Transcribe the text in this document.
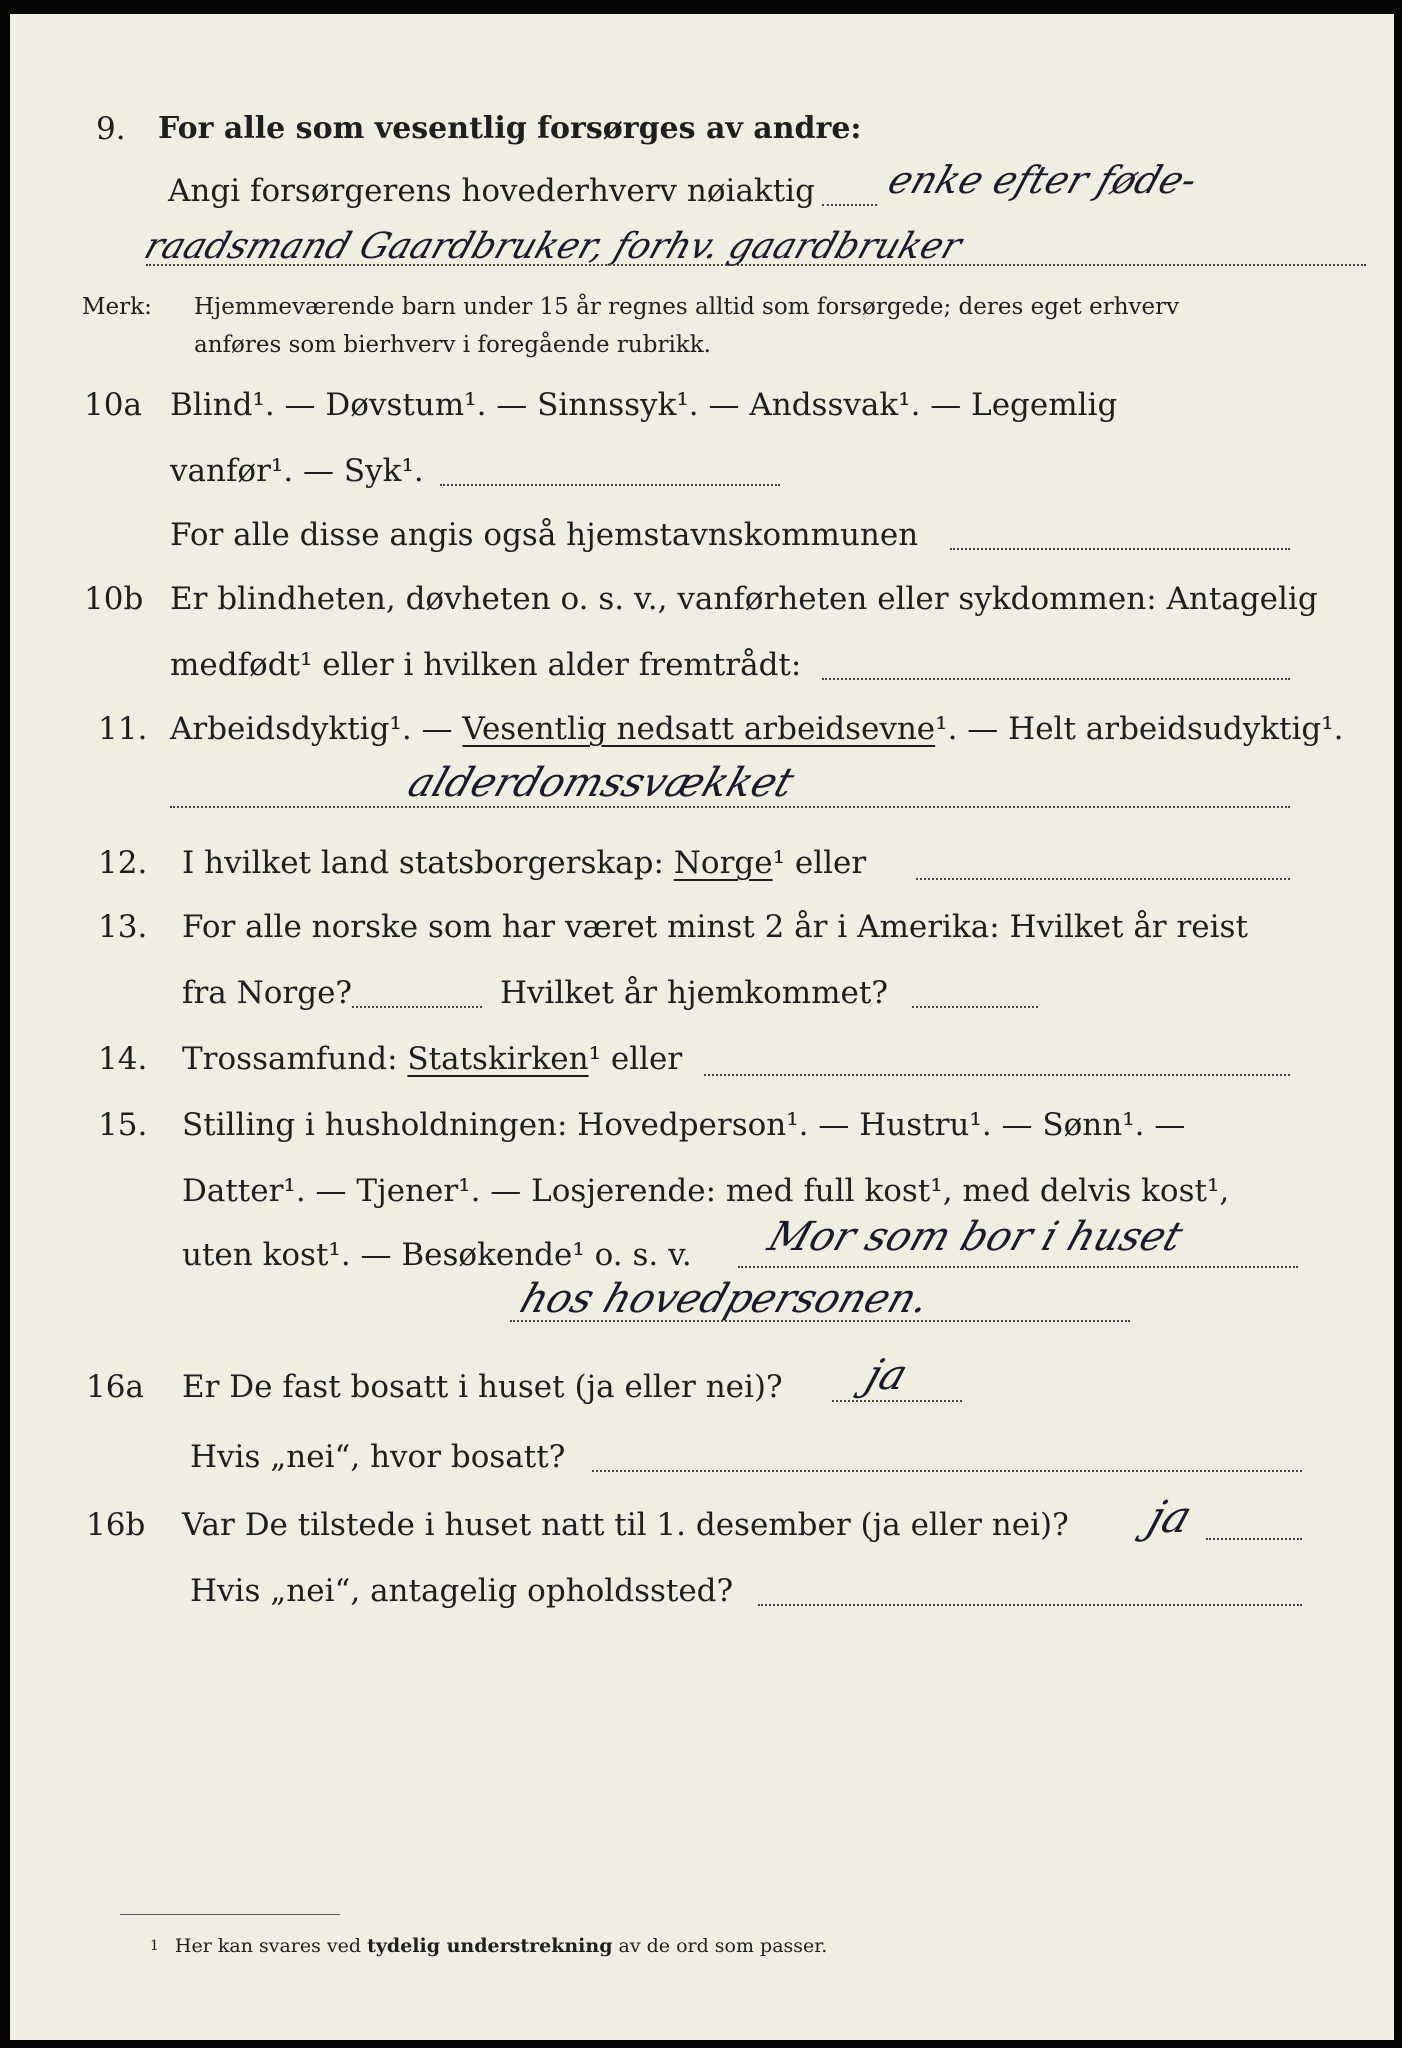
9. For alle som vesentlig forsørges av andre:
Angi forsørgerens hovederhverv nøiaktig enke efter føde-
raadsmand Gaardbruker, forhv. gaardbruker
Merk: Hjemmeværende barn under 15 år regnes alltid som forsørgede; deres eget erhverv
anføres som bierhverv i foregående rubrikk.
10a Blind¹. — Døvstum¹. — Sinnssyk¹. — Andssvak¹. — Legemlig
vanfør¹. — Syk¹.
For alle disse angis også hjemstavnskommunen
10b Er blindheten, døvheten o. s. v., vanførheten eller sykdommen: Antagelig
medfødt¹ eller i hvilken alder fremtrådt:
11. Arbeidsdyktig¹. — Vesentlig nedsatt arbeidsevne¹. — Helt arbeidsudyktig¹.
alderdomssvækket
12. I hvilket land statsborgerskap: Norge¹ eller
13. For alle norske som har været minst 2 år i Amerika: Hvilket år reist
fra Norge?	Hvilket år hjemkommet?
14. Trossamfund: Statskirken¹ eller
15. Stilling i husholdningen: Hovedperson¹. — Hustru¹. — Sønn¹. —
Datter¹. — Tjener¹. — Losjerende: med full kost¹, med delvis kost¹,
uten kost¹. — Besøkende¹ o. s. v. Mor som bor i huset
hos hovedpersonen.
16a Er De fast bosatt i huset (ja eller nei)? ja
Hvis „nei“, hvor bosatt?
16b Var De tilstede i huset natt til 1. desember (ja eller nei)? ja
Hvis „nei“, antagelig opholdssted?
$^1$ Her kan svares ved tydelig understrekning av de ord som passer.
